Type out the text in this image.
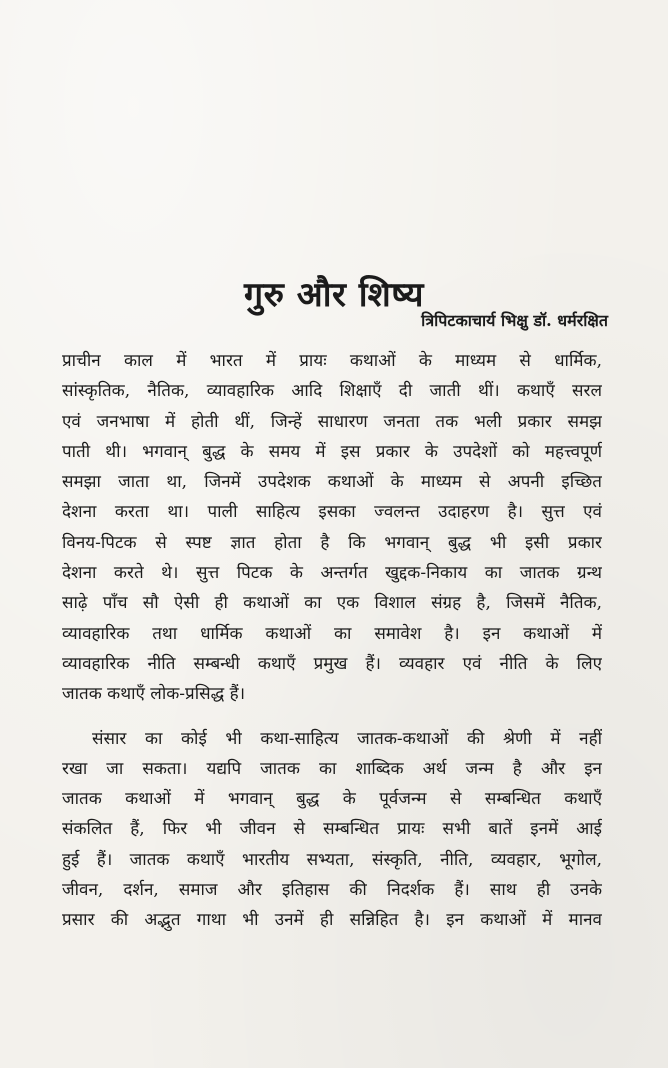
गुरु और शिष्य
त्रिपिटकाचार्य भिक्षु डॉ. धर्मरक्षित

प्राचीन काल में भारत में प्रायः कथाओं के माध्यम से धार्मिक,
सांस्कृतिक, नैतिक, व्यावहारिक आदि शिक्षाएँ दी जाती थीं। कथाएँ सरल
एवं जनभाषा में होती थीं, जिन्हें साधारण जनता तक भली प्रकार समझ
पाती थी। भगवान् बुद्ध के समय में इस प्रकार के उपदेशों को महत्त्वपूर्ण
समझा जाता था, जिनमें उपदेशक कथाओं के माध्यम से अपनी इच्छित
देशना करता था। पाली साहित्य इसका ज्वलन्त उदाहरण है। सुत्त एवं
विनय-पिटक से स्पष्ट ज्ञात होता है कि भगवान् बुद्ध भी इसी प्रकार
देशना करते थे। सुत्त पिटक के अन्तर्गत खुद्दक-निकाय का जातक ग्रन्थ
साढ़े पाँच सौ ऐसी ही कथाओं का एक विशाल संग्रह है, जिसमें नैतिक,
व्यावहारिक तथा धार्मिक कथाओं का समावेश है। इन कथाओं में
व्यावहारिक नीति सम्बन्धी कथाएँ प्रमुख हैं। व्यवहार एवं नीति के लिए
जातक कथाएँ लोक-प्रसिद्ध हैं।

संसार का कोई भी कथा-साहित्य जातक-कथाओं की श्रेणी में नहीं
रखा जा सकता। यद्यपि जातक का शाब्दिक अर्थ जन्म है और इन
जातक कथाओं में भगवान् बुद्ध के पूर्वजन्म से सम्बन्धित कथाएँ
संकलित हैं, फिर भी जीवन से सम्बन्धित प्रायः सभी बातें इनमें आई
हुई हैं। जातक कथाएँ भारतीय सभ्यता, संस्कृति, नीति, व्यवहार, भूगोल,
जीवन, दर्शन, समाज और इतिहास की निदर्शक हैं। साथ ही उनके
प्रसार की अद्भुत गाथा भी उनमें ही सन्निहित है। इन कथाओं में मानव
